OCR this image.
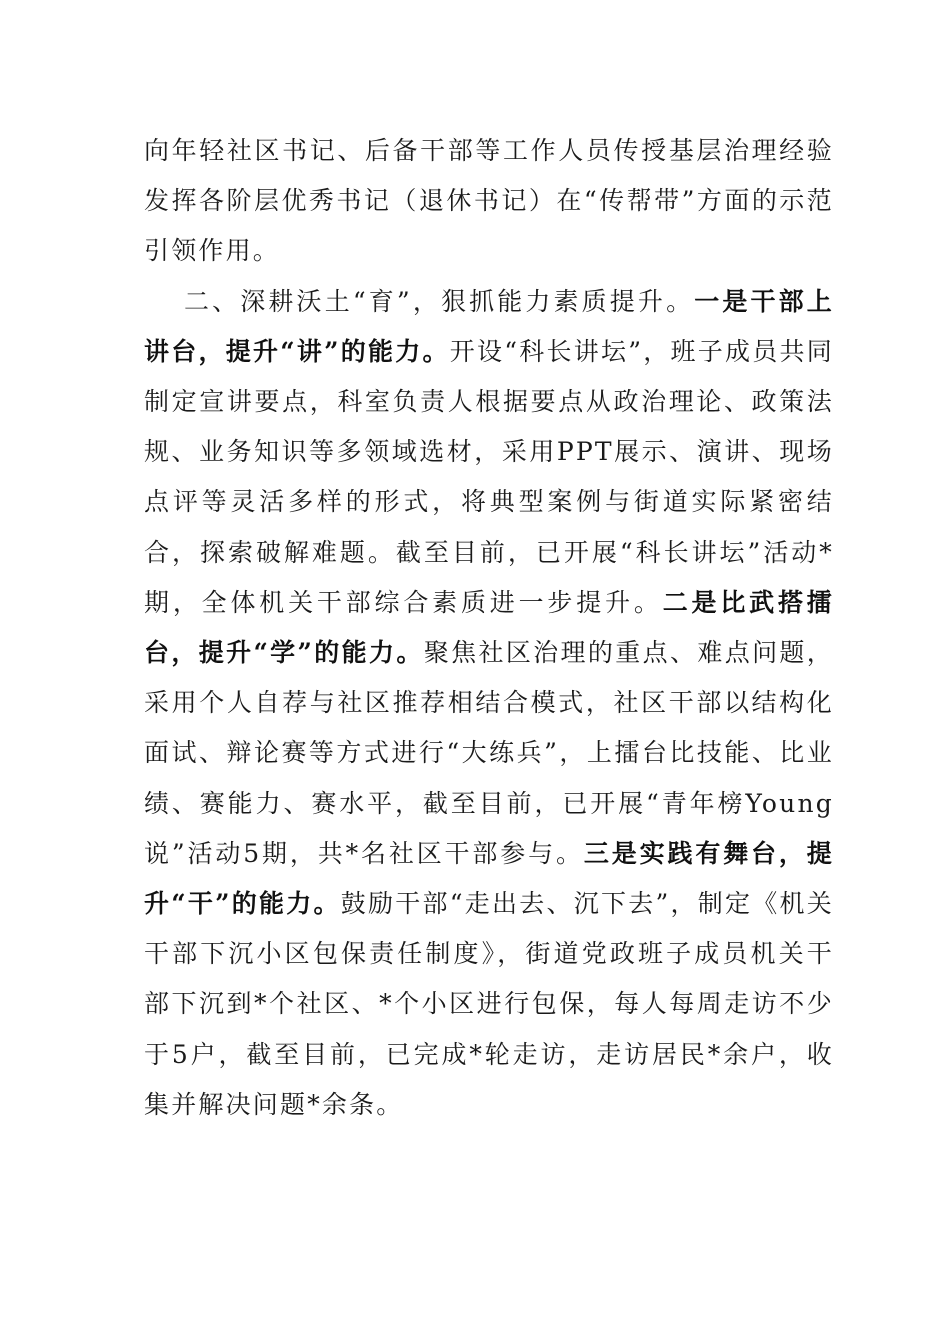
向年轻社区书记、后备干部等工作人员传授基层治理经验发挥各阶层优秀书记（退休书记）在“传帮带”方面的示范引领作用。

二、深耕沃土“育”，狠抓能力素质提升。一是干部上讲台，提升“讲”的能力。开设“科长讲坛”，班子成员共同制定宣讲要点，科室负责人根据要点从政治理论、政策法规、业务知识等多领域选材，采用PPT展示、演讲、现场点评等灵活多样的形式，将典型案例与街道实际紧密结合，探索破解难题。截至目前，已开展“科长讲坛”活动*期，全体机关干部综合素质进一步提升。二是比武搭擂台，提升“学”的能力。聚焦社区治理的重点、难点问题，采用个人自荐与社区推荐相结合模式，社区干部以结构化面试、辩论赛等方式进行“大练兵”，上擂台比技能、比业绩、赛能力、赛水平，截至目前，已开展“青年榜Young说”活动5期，共*名社区干部参与。三是实践有舞台，提升“干”的能力。鼓励干部“走出去、沉下去”，制定《机关干部下沉小区包保责任制度》，街道党政班子成员机关干部下沉到*个社区、*个小区进行包保，每人每周走访不少于5户，截至目前，已完成*轮走访，走访居民*余户，收集并解决问题*余条。
